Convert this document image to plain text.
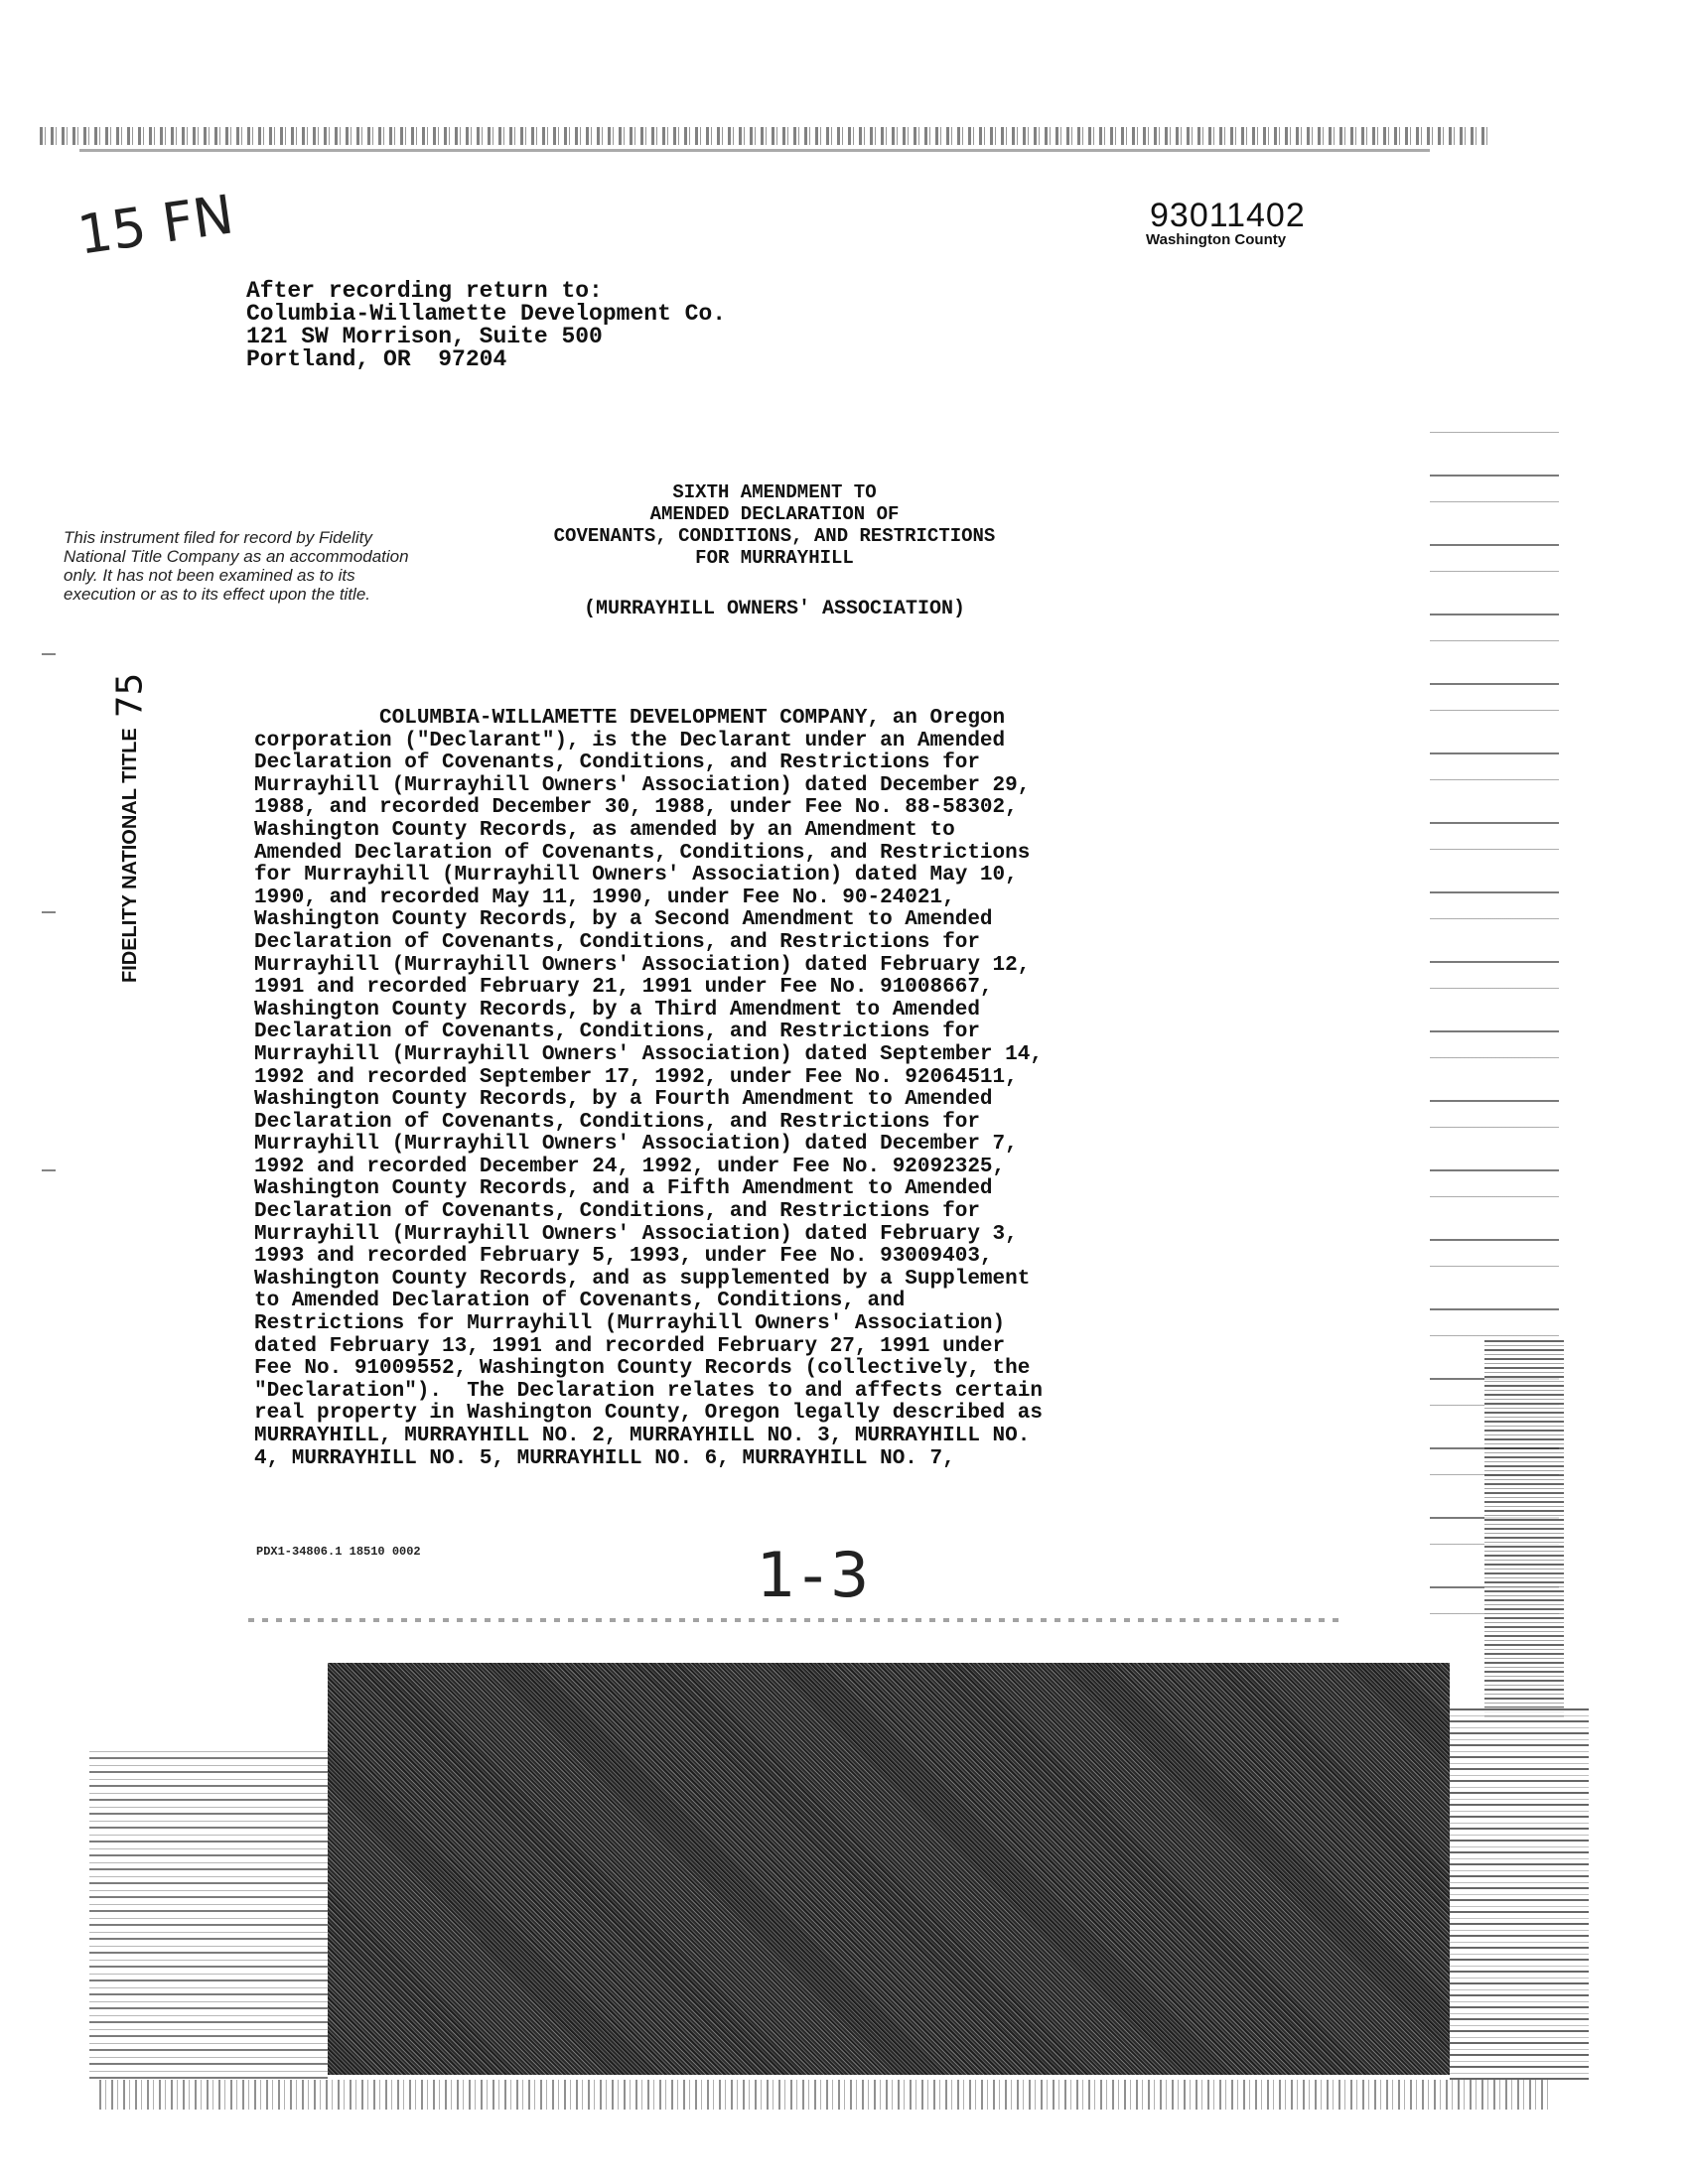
15 FN	93011402
Washington County
After recording return to:
Columbia-Willamette Development Co.
121 SW Morrison, Suite 500
Portland, OR  97204
SIXTH AMENDMENT TO
AMENDED DECLARATION OF
COVENANTS, CONDITIONS, AND RESTRICTIONS
FOR MURRAYHILL
(MURRAYHILL OWNERS' ASSOCIATION)
This instrument filed for record by Fidelity National Title Company as an accommodation only. It has not been examined as to its execution or as to its effect upon the title.
75
FIDELITY NATIONAL TITLE
COLUMBIA-WILLAMETTE DEVELOPMENT COMPANY, an Oregon
corporation ("Declarant"), is the Declarant under an Amended
Declaration of Covenants, Conditions, and Restrictions for
Murrayhill (Murrayhill Owners' Association) dated December 29,
1988, and recorded December 30, 1988, under Fee No. 88-58302,
Washington County Records, as amended by an Amendment to
Amended Declaration of Covenants, Conditions, and Restrictions
for Murrayhill (Murrayhill Owners' Association) dated May 10,
1990, and recorded May 11, 1990, under Fee No. 90-24021,
Washington County Records, by a Second Amendment to Amended
Declaration of Covenants, Conditions, and Restrictions for
Murrayhill (Murrayhill Owners' Association) dated February 12,
1991 and recorded February 21, 1991 under Fee No. 91008667,
Washington County Records, by a Third Amendment to Amended
Declaration of Covenants, Conditions, and Restrictions for
Murrayhill (Murrayhill Owners' Association) dated September 14,
1992 and recorded September 17, 1992, under Fee No. 92064511,
Washington County Records, by a Fourth Amendment to Amended
Declaration of Covenants, Conditions, and Restrictions for
Murrayhill (Murrayhill Owners' Association) dated December 7,
1992 and recorded December 24, 1992, under Fee No. 92092325,
Washington County Records, and a Fifth Amendment to Amended
Declaration of Covenants, Conditions, and Restrictions for
Murrayhill (Murrayhill Owners' Association) dated February 3,
1993 and recorded February 5, 1993, under Fee No. 93009403,
Washington County Records, and as supplemented by a Supplement
to Amended Declaration of Covenants, Conditions, and
Restrictions for Murrayhill (Murrayhill Owners' Association)
dated February 13, 1991 and recorded February 27, 1991 under
Fee No. 91009552, Washington County Records (collectively, the
"Declaration").  The Declaration relates to and affects certain
real property in Washington County, Oregon legally described as
MURRAYHILL, MURRAYHILL NO. 2, MURRAYHILL NO. 3, MURRAYHILL NO.
4, MURRAYHILL NO. 5, MURRAYHILL NO. 6, MURRAYHILL NO. 7,
PDX1-34806.1 18510 0002	1-3
